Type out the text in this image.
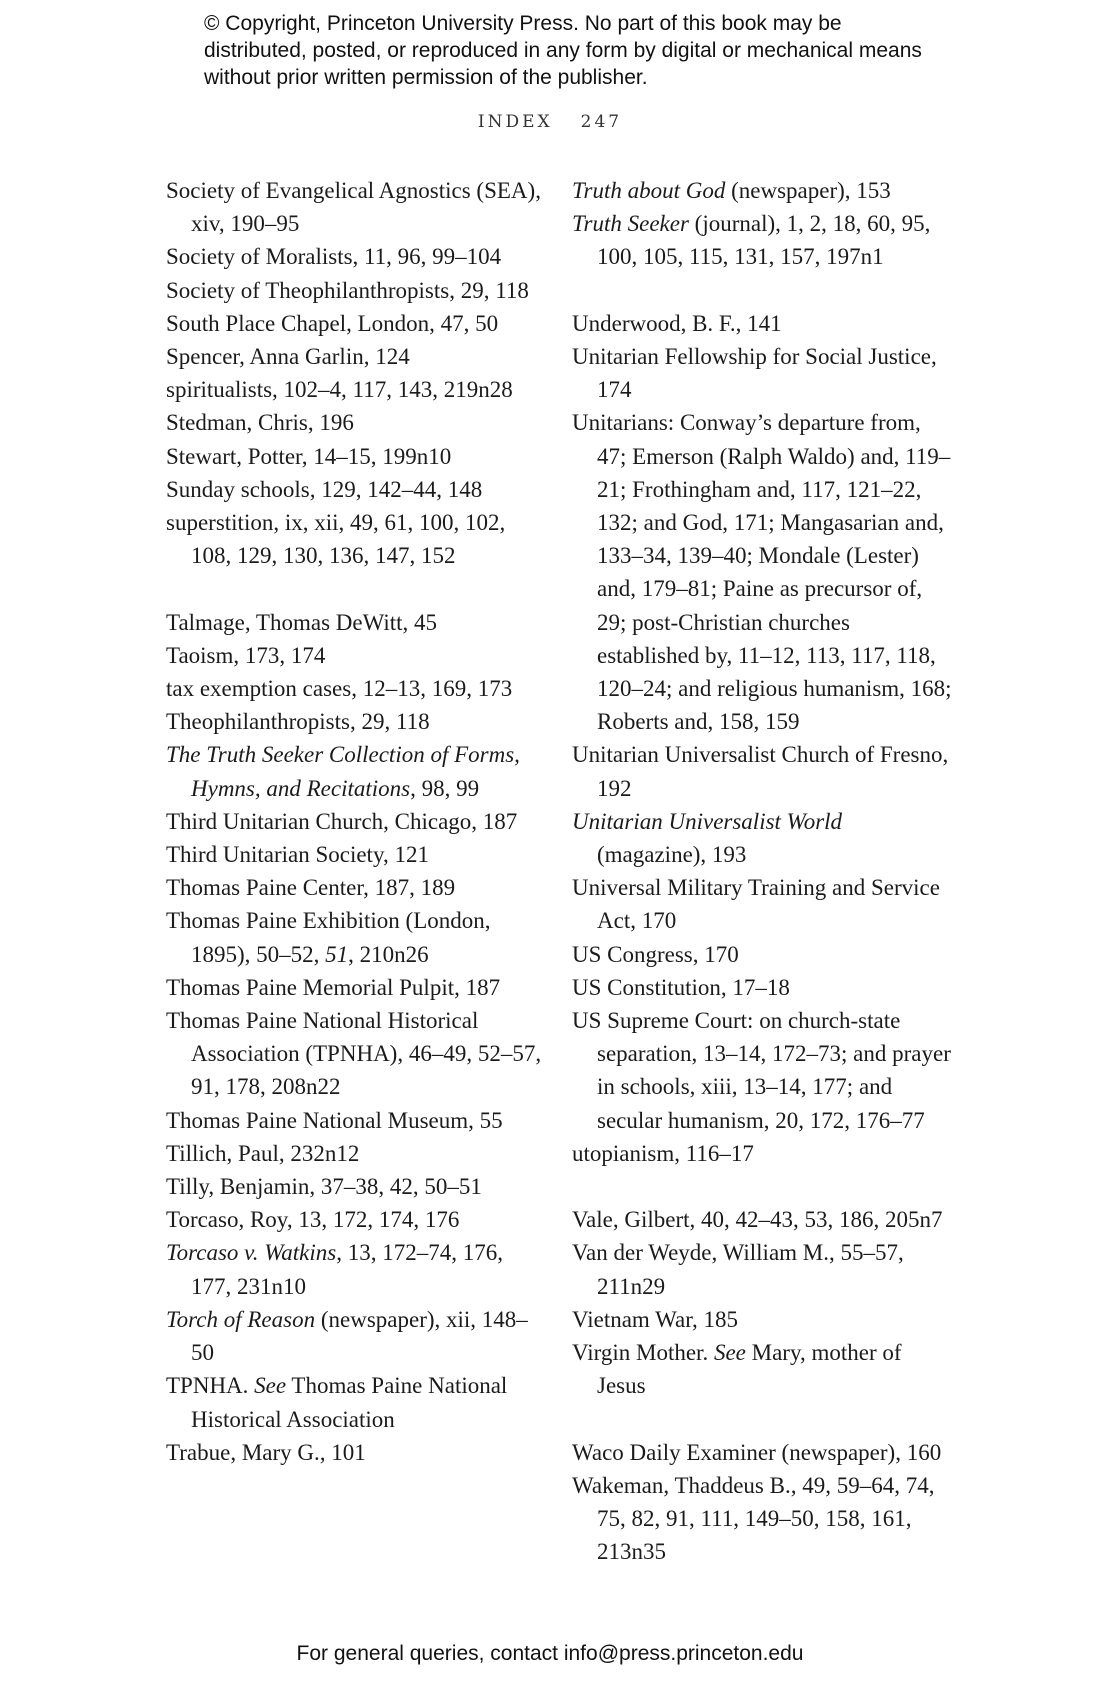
© Copyright, Princeton University Press. No part of this book may be distributed, posted, or reproduced in any form by digital or mechanical means without prior written permission of the publisher.
INDEX 247
Society of Evangelical Agnostics (SEA), xiv, 190–95
Society of Moralists, 11, 96, 99–104
Society of Theophilanthropists, 29, 118
South Place Chapel, London, 47, 50
Spencer, Anna Garlin, 124
spiritualists, 102–4, 117, 143, 219n28
Stedman, Chris, 196
Stewart, Potter, 14–15, 199n10
Sunday schools, 129, 142–44, 148
superstition, ix, xii, 49, 61, 100, 102, 108, 129, 130, 136, 147, 152
Talmage, Thomas DeWitt, 45
Taoism, 173, 174
tax exemption cases, 12–13, 169, 173
Theophilanthropists, 29, 118
The Truth Seeker Collection of Forms, Hymns, and Recitations, 98, 99
Third Unitarian Church, Chicago, 187
Third Unitarian Society, 121
Thomas Paine Center, 187, 189
Thomas Paine Exhibition (London, 1895), 50–52, 51, 210n26
Thomas Paine Memorial Pulpit, 187
Thomas Paine National Historical Association (TPNHA), 46–49, 52–57, 91, 178, 208n22
Thomas Paine National Museum, 55
Tillich, Paul, 232n12
Tilly, Benjamin, 37–38, 42, 50–51
Torcaso, Roy, 13, 172, 174, 176
Torcaso v. Watkins, 13, 172–74, 176, 177, 231n10
Torch of Reason (newspaper), xii, 148–50
TPNHA. See Thomas Paine National Historical Association
Trabue, Mary G., 101
Truth about God (newspaper), 153
Truth Seeker (journal), 1, 2, 18, 60, 95, 100, 105, 115, 131, 157, 197n1
Underwood, B. F., 141
Unitarian Fellowship for Social Justice, 174
Unitarians: Conway’s departure from, 47; Emerson (Ralph Waldo) and, 119–21; Frothingham and, 117, 121–22, 132; and God, 171; Mangasarian and, 133–34, 139–40; Mondale (Lester) and, 179–81; Paine as precursor of, 29; post-Christian churches established by, 11–12, 113, 117, 118, 120–24; and religious humanism, 168; Roberts and, 158, 159
Unitarian Universalist Church of Fresno, 192
Unitarian Universalist World (magazine), 193
Universal Military Training and Service Act, 170
US Congress, 170
US Constitution, 17–18
US Supreme Court: on church-state separation, 13–14, 172–73; and prayer in schools, xiii, 13–14, 177; and secular humanism, 20, 172, 176–77
utopianism, 116–17
Vale, Gilbert, 40, 42–43, 53, 186, 205n7
Van der Weyde, William M., 55–57, 211n29
Vietnam War, 185
Virgin Mother. See Mary, mother of Jesus
Waco Daily Examiner (newspaper), 160
Wakeman, Thaddeus B., 49, 59–64, 74, 75, 82, 91, 111, 149–50, 158, 161, 213n35
For general queries, contact info@press.princeton.edu
